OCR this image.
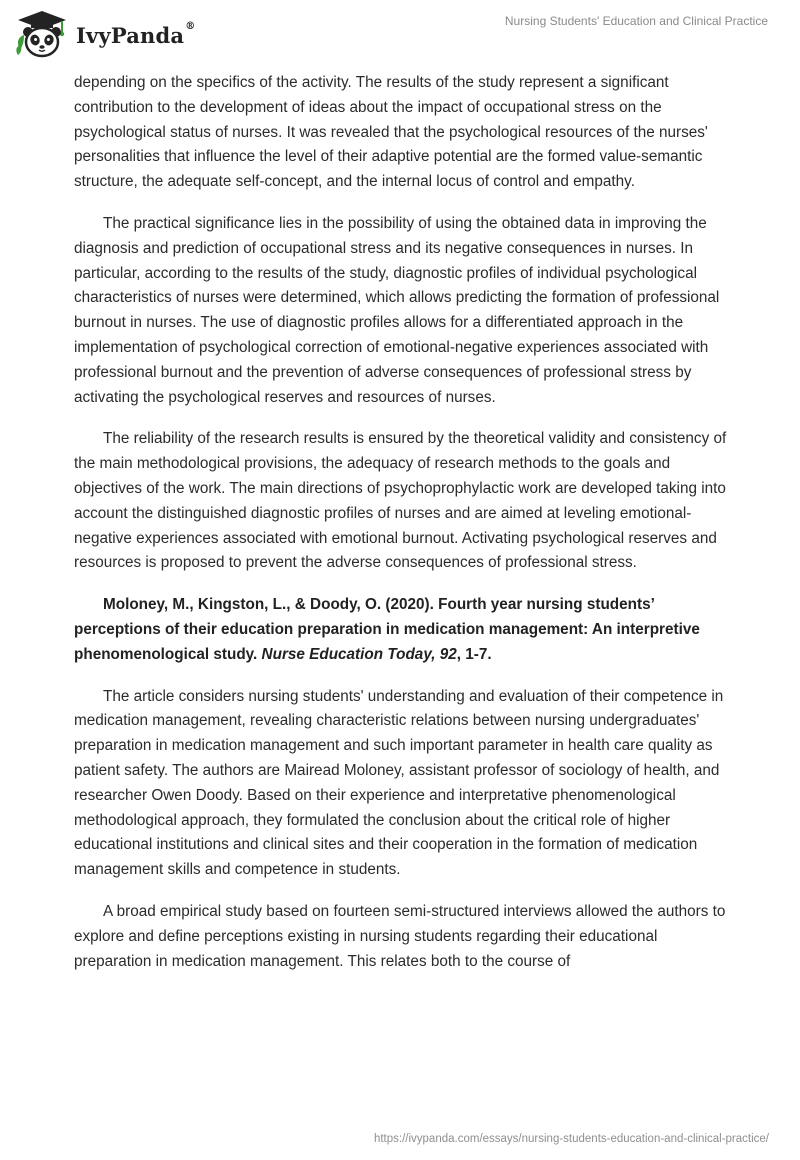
IvyPanda®	Nursing Students' Education and Clinical Practice

depending on the specifics of the activity. The results of the study represent a significant contribution to the development of ideas about the impact of occupational stress on the psychological status of nurses. It was revealed that the psychological resources of the nurses' personalities that influence the level of their adaptive potential are the formed value-semantic structure, the adequate self-concept, and the internal locus of control and empathy.

The practical significance lies in the possibility of using the obtained data in improving the diagnosis and prediction of occupational stress and its negative consequences in nurses. In particular, according to the results of the study, diagnostic profiles of individual psychological characteristics of nurses were determined, which allows predicting the formation of professional burnout in nurses. The use of diagnostic profiles allows for a differentiated approach in the implementation of psychological correction of emotional-negative experiences associated with professional burnout and the prevention of adverse consequences of professional stress by activating the psychological reserves and resources of nurses.

The reliability of the research results is ensured by the theoretical validity and consistency of the main methodological provisions, the adequacy of research methods to the goals and objectives of the work. The main directions of psychoprophylactic work are developed taking into account the distinguished diagnostic profiles of nurses and are aimed at leveling emotional-negative experiences associated with emotional burnout. Activating psychological reserves and resources is proposed to prevent the adverse consequences of professional stress.

Moloney, M., Kingston, L., & Doody, O. (2020). Fourth year nursing students’ perceptions of their education preparation in medication management: An interpretive phenomenological study. Nurse Education Today, 92, 1-7.

The article considers nursing students' understanding and evaluation of their competence in medication management, revealing characteristic relations between nursing undergraduates' preparation in medication management and such important parameter in health care quality as patient safety. The authors are Mairead Moloney, assistant professor of sociology of health, and researcher Owen Doody. Based on their experience and interpretative phenomenological methodological approach, they formulated the conclusion about the critical role of higher educational institutions and clinical sites and their cooperation in the formation of medication management skills and competence in students.

A broad empirical study based on fourteen semi-structured interviews allowed the authors to explore and define perceptions existing in nursing students regarding their educational preparation in medication management. This relates both to the course of

https://ivypanda.com/essays/nursing-students-education-and-clinical-practice/
